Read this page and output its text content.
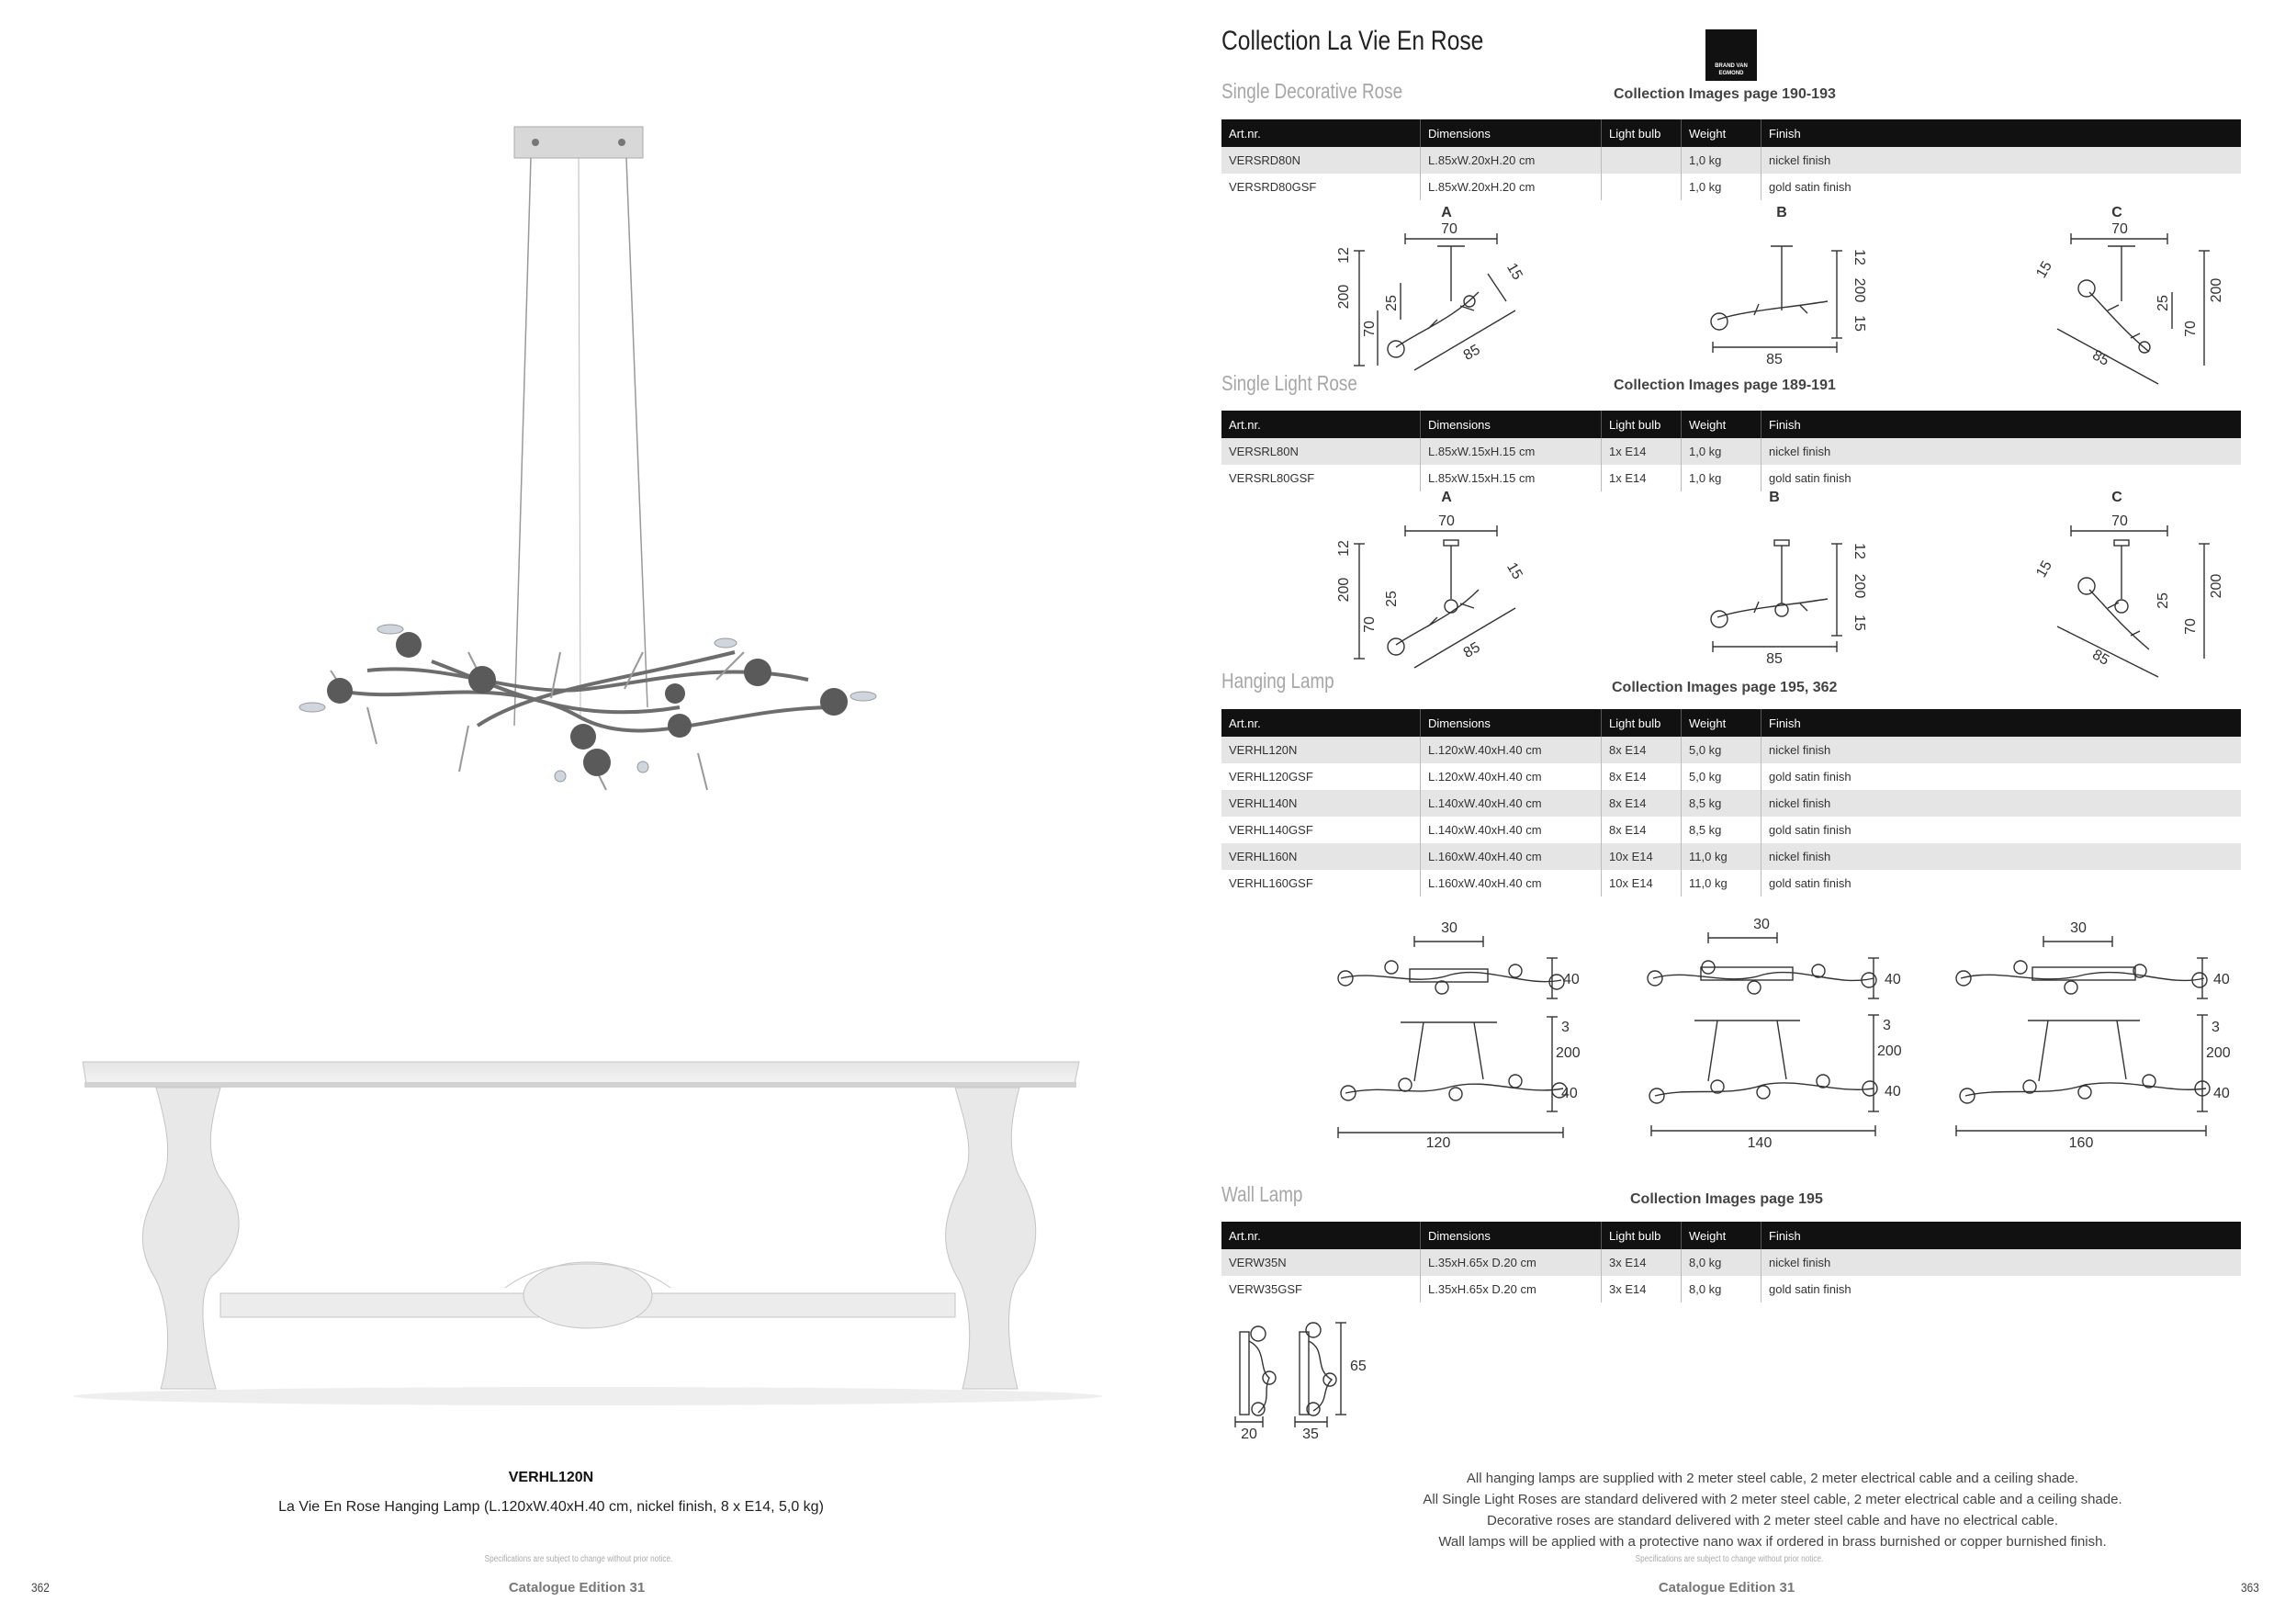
VERHL120N
La Vie En Rose Hanging Lamp (L.120xW.40xH.40 cm, nickel finish, 8 x E14, 5,0 kg)
Specifications are subject to change without prior notice.
362	Catalogue Edition 31
Collection La Vie En Rose
BRAND VAN
EGMOND
Single Decorative Rose	Collection Images page 190-193
Art.nr.	Dimensions	Light bulb	Weight	Finish
VERSRD80N	L.85xW.20xH.20 cm		1,0 kg	nickel finish
VERSRD80GSF	L.85xW.20xH.20 cm		1,0 kg	gold satin finish
A	B	C
70
200
12
70
25
15
85
12
200
15
85
70
15
25
70
200
85
Single Light Rose	Collection Images page 189-191
Art.nr.	Dimensions	Light bulb	Weight	Finish
VERSRL80N	L.85xW.15xH.15 cm	1x E14	1,0 kg	nickel finish
VERSRL80GSF	L.85xW.15xH.15 cm	1x E14	1,0 kg	gold satin finish
A	B	C
70
200
12
70
25
15
85
12
200
15
85
70
15
25
70
200
85
Hanging Lamp	Collection Images page 195, 362
Art.nr.	Dimensions	Light bulb	Weight	Finish
VERHL120N	L.120xW.40xH.40 cm	8x E14	5,0 kg	nickel finish
VERHL120GSF	L.120xW.40xH.40 cm	8x E14	5,0 kg	gold satin finish
VERHL140N	L.140xW.40xH.40 cm	8x E14	8,5 kg	nickel finish
VERHL140GSF	L.140xW.40xH.40 cm	8x E14	8,5 kg	gold satin finish
VERHL160N	L.160xW.40xH.40 cm	10x E14	11,0 kg	nickel finish
VERHL160GSF	L.160xW.40xH.40 cm	10x E14	11,0 kg	gold satin finish
30
40
3
200
40
120
30
40
3
200
40
140
30
40
3
200
40
160
Wall Lamp	Collection Images page 195
Art.nr.	Dimensions	Light bulb	Weight	Finish
VERW35N	L.35xH.65x D.20 cm	3x E14	8,0 kg	nickel finish
VERW35GSF	L.35xH.65x D.20 cm	3x E14	8,0 kg	gold satin finish
65
20	35
All hanging lamps are supplied with 2 meter steel cable, 2 meter electrical cable and a ceiling shade.
All Single Light Roses are standard delivered with 2 meter steel cable, 2 meter electrical cable and a ceiling shade.
Decorative roses are standard delivered with 2 meter steel cable and have no electrical cable.
Wall lamps will be applied with a protective nano wax if ordered in brass burnished or copper burnished finish.
Specifications are subject to change without prior notice.
Catalogue Edition 31	363
